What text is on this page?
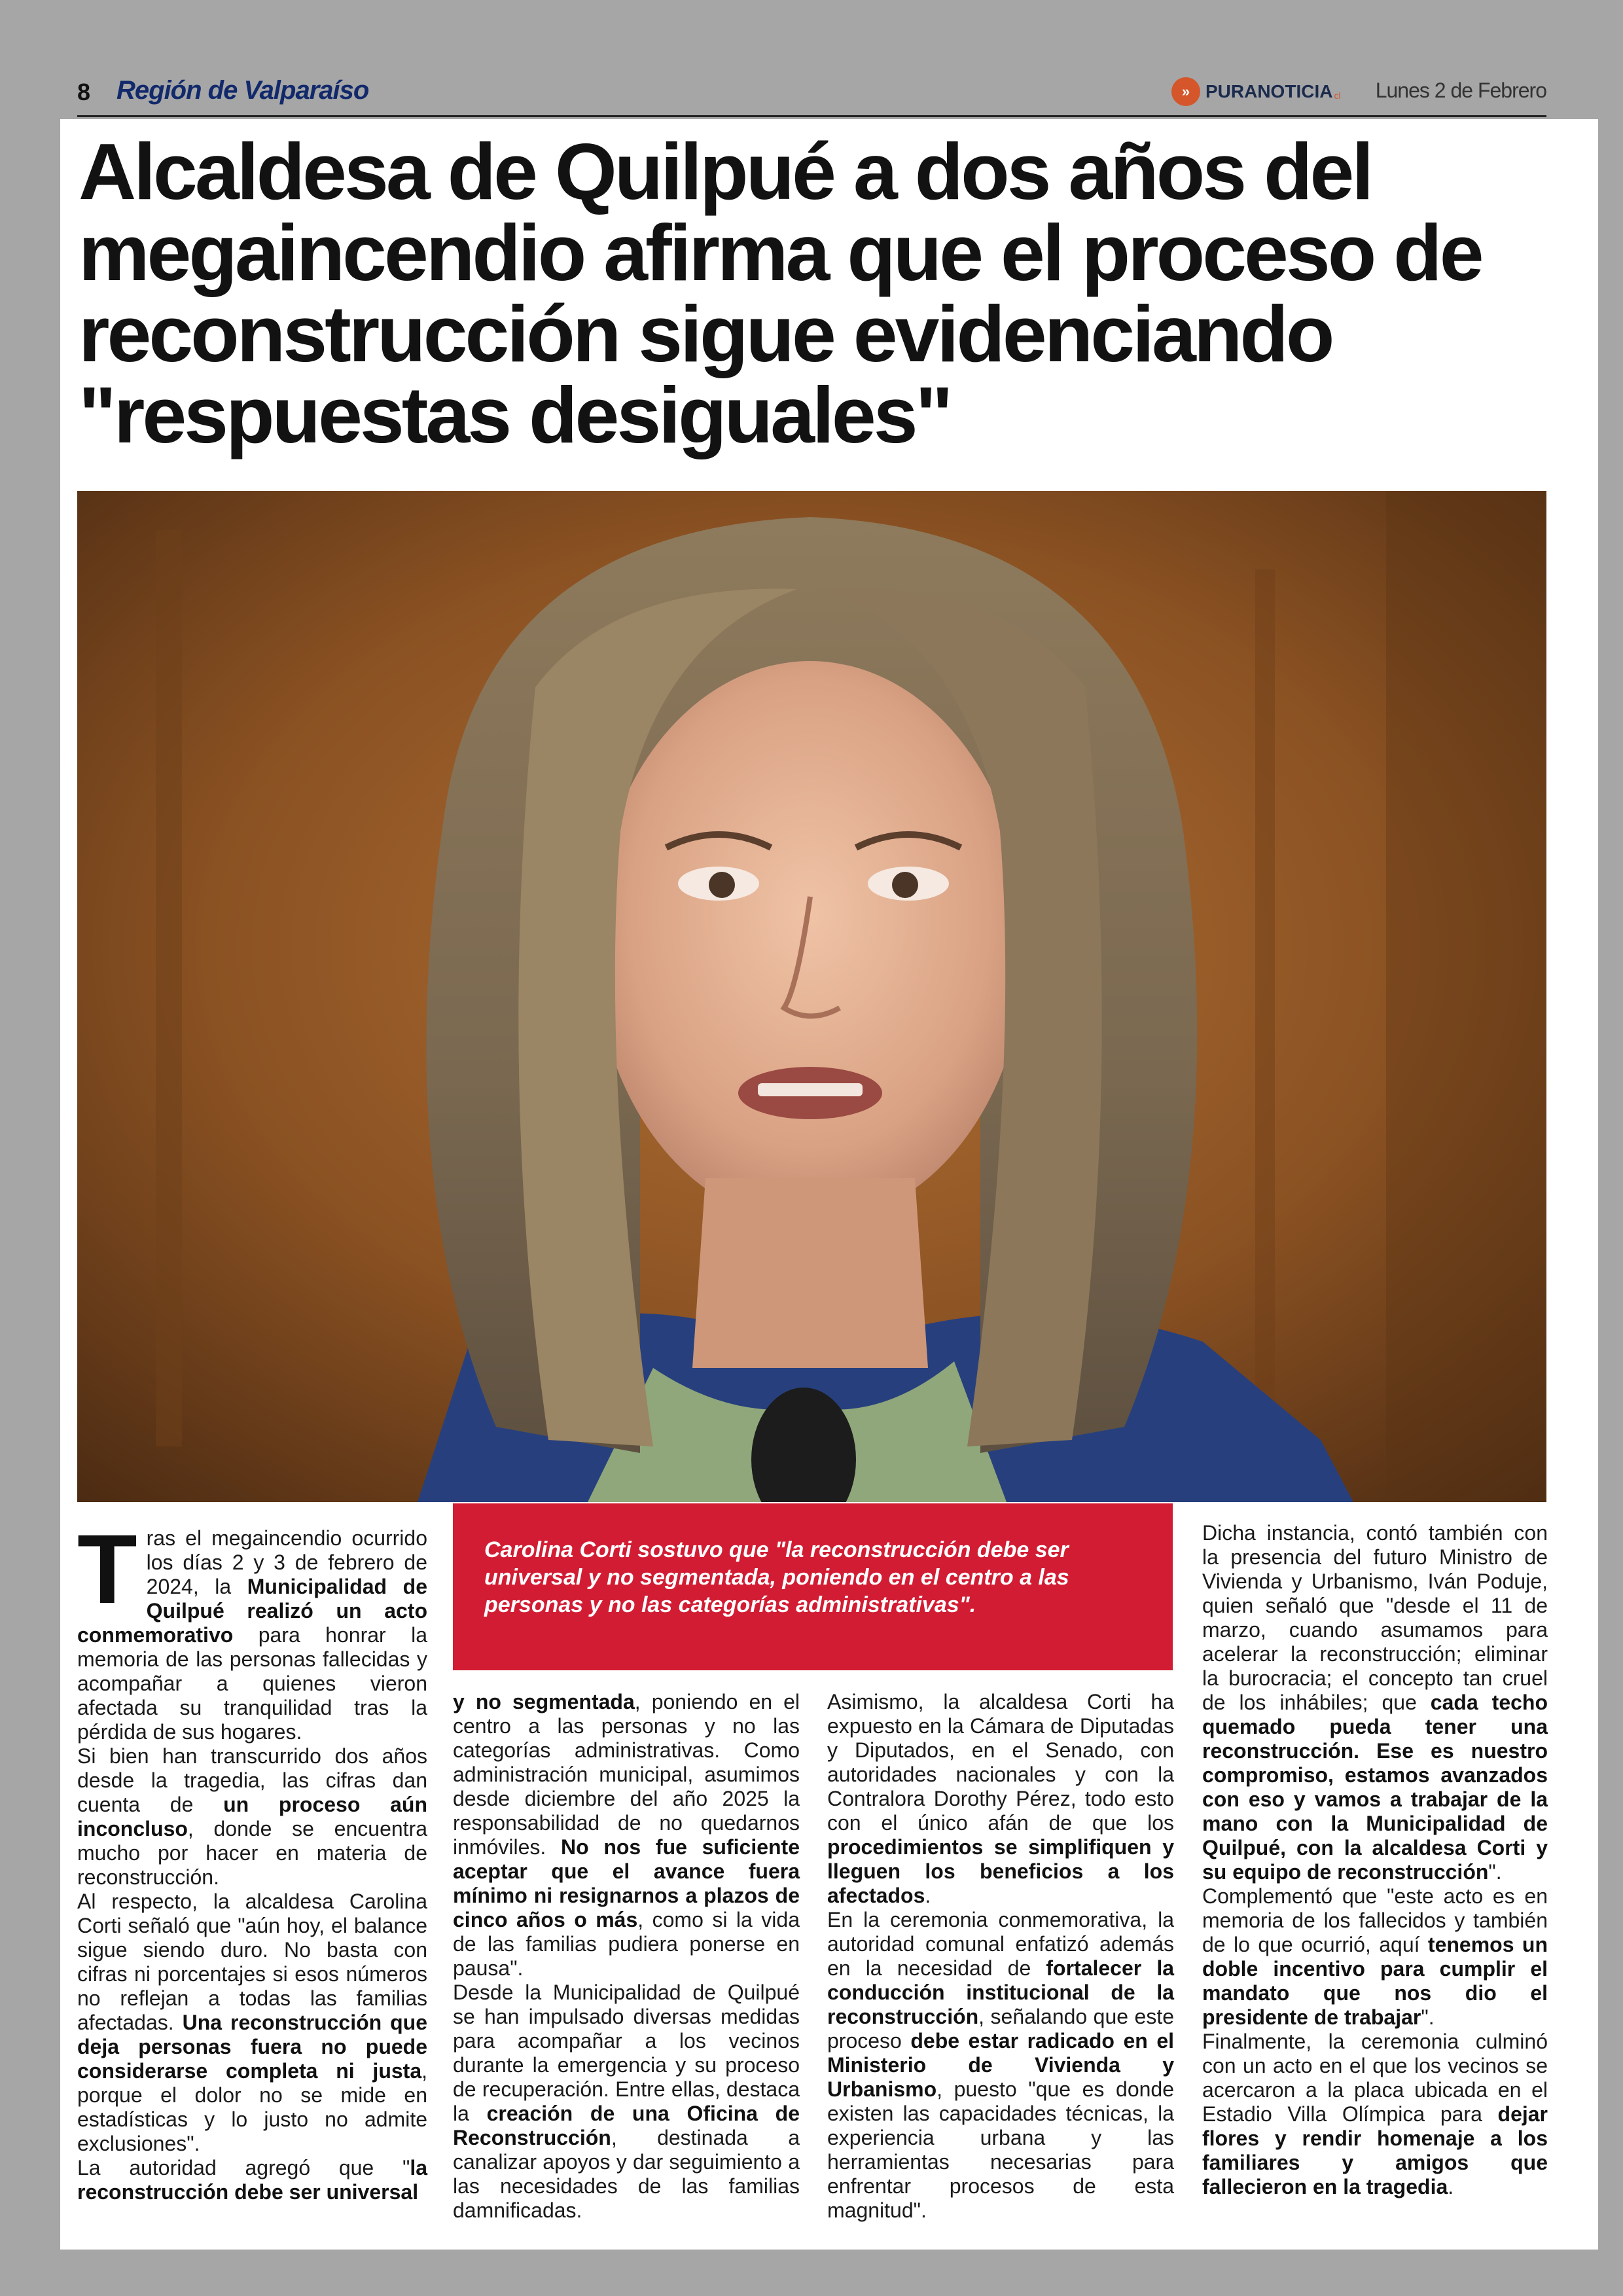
8 Región de Valparaíso	» PURANOTICIA cl Lunes 2 de Febrero
Alcaldesa de Quilpué a dos años del megaincendio afirma que el proceso de reconstrucción sigue evidenciando "respuestas desiguales"
Carolina Corti sostuvo que "la reconstrucción debe ser universal y no segmentada, poniendo en el centro a las personas y no las categorías administrativas".
T ras el megaincendio ocurrido los días 2 y 3 de febrero de 2024, la Municipalidad de Quilpué realizó un acto conmemorativo para honrar la memoria de las personas fallecidas y acompañar a quienes vieron afectada su tranquilidad tras la pérdida de sus hogares.

Si bien han transcurrido dos años desde la tragedia, las cifras dan cuenta de un proceso aún inconcluso, donde se encuentra mucho por hacer en materia de reconstrucción.

Al respecto, la alcaldesa Carolina Corti señaló que "aún hoy, el balance sigue siendo duro. No basta con cifras ni porcentajes si esos números no reflejan a todas las familias afectadas. Una reconstrucción que deja personas fuera no puede considerarse completa ni justa, porque el dolor no se mide en estadísticas y lo justo no admite exclusiones".

La autoridad agregó que "la reconstrucción debe ser universal

y no segmentada, poniendo en el centro a las personas y no las categorías administrativas. Como administración municipal, asumimos desde diciembre del año 2025 la responsabilidad de no quedarnos inmóviles. No nos fue suficiente aceptar que el avance fuera mínimo ni resignarnos a plazos de cinco años o más, como si la vida de las familias pudiera ponerse en pausa".

Desde la Municipalidad de Quilpué se han impulsado diversas medidas para acompañar a los vecinos durante la emergencia y su proceso de recuperación. Entre ellas, destaca la creación de una Oficina de Reconstrucción, destinada a canalizar apoyos y dar seguimiento a las necesidades de las familias damnificadas.

Asimismo, la alcaldesa Corti ha expuesto en la Cámara de Diputadas y Diputados, en el Senado, con autoridades nacionales y con la Contralora Dorothy Pérez, todo esto con el único afán de que los procedimientos se simplifiquen y lleguen los beneficios a los afectados.

En la ceremonia conmemorativa, la autoridad comunal enfatizó además en la necesidad de fortalecer la conducción institucional de la reconstrucción, señalando que este proceso debe estar radicado en el Ministerio de Vivienda y Urbanismo, puesto "que es donde existen las capacidades técnicas, la experiencia urbana y las herramientas necesarias para enfrentar procesos de esta magnitud".

Dicha instancia, contó también con la presencia del futuro Ministro de Vivienda y Urbanismo, Iván Poduje, quien señaló que "desde el 11 de marzo, cuando asumamos para acelerar la reconstrucción; eliminar la burocracia; el concepto tan cruel de los inhábiles; que cada techo quemado pueda tener una reconstrucción. Ese es nuestro compromiso, estamos avanzados con eso y vamos a trabajar de la mano con la Municipalidad de Quilpué, con la alcaldesa Corti y su equipo de reconstrucción".

Complementó que "este acto es en memoria de los fallecidos y también de lo que ocurrió, aquí tenemos un doble incentivo para cumplir el mandato que nos dio el presidente de trabajar".

Finalmente, la ceremonia culminó con un acto en el que los vecinos se acercaron a la placa ubicada en el Estadio Villa Olímpica para dejar flores y rendir homenaje a los familiares y amigos que fallecieron en la tragedia.
